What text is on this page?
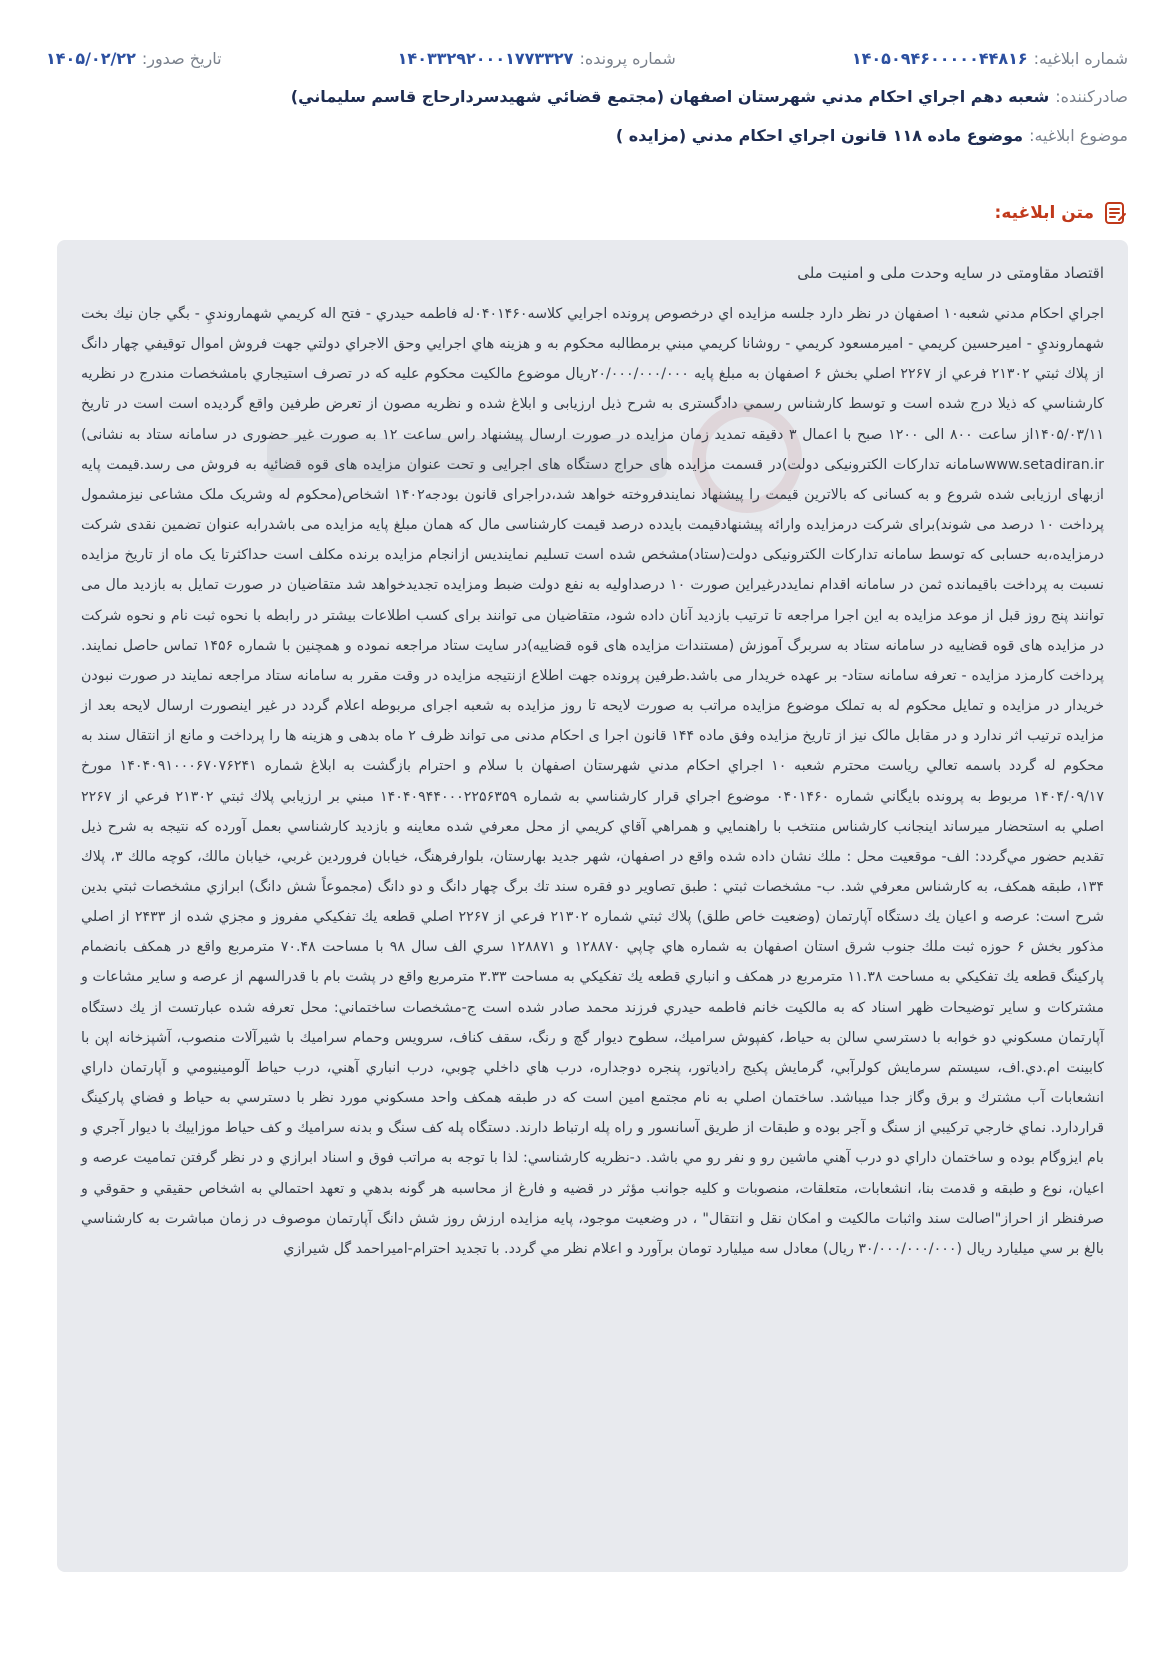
شماره ابلاغیه:
۱۴۰۵۰۹۴۶۰۰۰۰۰۴۴۸۱۶
شماره پرونده:
۱۴۰۳۳۲۹۲۰۰۰۱۷۷۳۳۲۷
تاریخ صدور:
۱۴۰۵/۰۲/۲۲
صادرکننده:
شعبه دهم اجراي احكام مدني شهرستان اصفهان (مجتمع قضائي شهيدسردارحاج قاسم سليماني)
موضوع ابلاغیه:
موضوع ماده ۱۱۸ قانون اجراي احكام مدني (مزايده )
متن ابلاغیه:
اقتصاد مقاومتی در سایه وحدت ملی و امنیت ملی

اجراي احكام مدني شعبه۱۰ اصفهان در نظر دارد جلسه مزايده اي درخصوص پرونده اجرايي كلاسه۰۴۰۱۴۶۰له فاطمه حيدري - فتح اله كريمي شهمارونديِ - بگي جان نيك بخت شهمارونديِ - اميرحسين كريمي - اميرمسعود كريمي - روشانا كريمي مبني برمطالبه محكوم به و هزينه هاي اجرايي وحق الاجراي دولتي جهت فروش اموال توقيفي چهار دانگ از پلاك ثبتي ۲۱۳۰۲ فرعي از ۲۲۶۷ اصلي بخش ۶ اصفهان به مبلغ پايه ۲۰/۰۰۰/۰۰۰/۰۰۰ريال موضوع مالكيت محكوم عليه كه در تصرف استيجاري بامشخصات مندرج در نظريه كارشناسي كه ذيلا درج شده است و توسط كارشناس رسمي دادگستری به شرح ذيل ارزيابی و ابلاغ شده و نظريه مصون از تعرض طرفين واقع گرديده است است در تاريخ ۱۴۰۵/۰۳/۱۱از ساعت ۸۰۰ الی ۱۲۰۰ صبح با اعمال ۳ دقيقه تمديد زمان مزايده در صورت ارسال پيشنهاد راس ساعت ۱۲ به صورت غير حضوری در سامانه ستاد به نشانی) www.setadiran.irسامانه تداركات الكترونيكی دولت)در قسمت مزايده های حراج دستگاه های اجرايی و تحت عنوان مزايده های قوه قضائيه به فروش می رسد.قيمت پايه ازبهای ارزيابی شده شروع و به كسانی كه بالاترين قيمت را پيشنهاد نمايندفروخته خواهد شد،دراجرای قانون بودجه۱۴۰۲ اشخاص(محكوم له وشريک ملک مشاعی نيزمشمول پرداخت ۱۰ درصد می شوند)برای شركت درمزايده وارائه پيشنهادقيمت بايدده درصد قيمت كارشناسی مال كه همان مبلغ پايه مزايده می باشدرابه عنوان تضمين نقدی شركت درمزايده،به حسابی كه توسط سامانه تداركات الكترونيكی دولت(ستاد)مشخص شده است تسليم نماينديس ازانجام مزايده برنده مكلف است حداكثرتا يک ماه از تاريخ مزايده نسبت به پرداخت باقيمانده ثمن در سامانه اقدام نمايددرغيراين صورت ۱۰ درصداوليه به نفع دولت ضبط ومزايده تجديدخواهد شد متقاضيان در صورت تمايل به بازديد مال می توانند پنج روز قبل از موعد مزايده به اين اجرا مراجعه تا ترتيب بازديد آنان داده شود، متقاضيان می توانند برای كسب اطلاعات بيشتر در رابطه با نحوه ثبت نام و نحوه شركت در مزايده های قوه قضاييه در سامانه ستاد به سربرگ آموزش (مستندات مزايده های قوه قضاييه)در سايت ستاد مراجعه نموده و همچنين با شماره ۱۴۵۶ تماس حاصل نمايند. پرداخت كارمزد مزايده - تعرفه سامانه ستاد- بر عهده خريدار می باشد.طرفين پرونده جهت اطلاع ازنتيجه مزايده در وقت مقرر به سامانه ستاد مراجعه نمايند در صورت نبودن خريدار در مزايده و تمايل محكوم له به تملک موضوع مزايده مراتب به صورت لايحه تا روز مزايده به شعبه اجرای مربوطه اعلام گردد در غير اينصورت ارسال لايحه بعد از مزايده ترتيب اثر ندارد و در مقابل مالک نيز از تاريخ مزايده وفق ماده ۱۴۴ قانون اجرا ی احكام مدنی می تواند ظرف ۲ ماه بدهی و هزينه ها را پرداخت و مانع از انتقال سند به محكوم له گردد باسمه تعالي رياست محترم شعبه ۱۰ اجراي احكام مدني شهرستان اصفهان با سلام و احترام بازگشت به ابلاغ شماره ۱۴۰۴۰۹۱۰۰۰۶۷۰۷۶۲۴۱ مورخ ۱۴۰۴/۰۹/۱۷ مربوط به پرونده بايگاني شماره ۰۴۰۱۴۶۰ موضوع اجراي قرار كارشناسي به شماره ۱۴۰۴۰۹۴۴۰۰۰۲۲۵۶۳۵۹ مبني بر ارزيابي پلاك ثبتي ۲۱۳۰۲ فرعي از ۲۲۶۷ اصلي به استحضار ميرساند اينجانب كارشناس منتخب با راهنمايي و همراهي آقاي كريمي از محل معرفي شده معاينه و بازديد كارشناسي بعمل آورده كه نتيجه به شرح ذيل تقديم حضور مي‌گردد: الف- موقعيت محل : ملك نشان داده شده واقع در اصفهان، شهر جديد بهارستان، بلوارفرهنگ، خيابان فروردين غربي، خيابان مالك، كوچه مالك ۳، پلاك ۱۳۴، طبقه همكف، به كارشناس معرفي شد. ب- مشخصات ثبتي : طبق تصاوير دو فقره سند تك برگ چهار دانگ و دو دانگ (مجموعاً شش دانگ) ابرازي مشخصات ثبتي بدين شرح است: عرصه و اعيان يك دستگاه آپارتمان (وضعيت خاص طلق) پلاك ثبتي شماره ۲۱۳۰۲ فرعي از ۲۲۶۷ اصلي قطعه يك تفكيكي مفروز و مجزي شده از ۲۴۳۳ از اصلي مذكور بخش ۶ حوزه ثبت ملك جنوب شرق استان اصفهان به شماره هاي چاپي ۱۲۸۸۷۰ و ۱۲۸۸۷۱ سري الف سال ۹۸ با مساحت ۷۰.۴۸ مترمربع واقع در همكف بانضمام پاركينگ قطعه يك تفكيكي به مساحت ۱۱.۳۸ مترمربع در همكف و انباري قطعه يك تفكيكي به مساحت ۳.۳۳ مترمربع واقع در پشت بام با قدرالسهم از عرصه و ساير مشاعات و مشتركات و ساير توضيحات ظهر اسناد كه به مالكيت خانم فاطمه حيدري فرزند محمد صادر شده است ج-مشخصات ساختماني: محل تعرفه شده عبارتست از يك دستگاه آپارتمان مسكوني دو خوابه با دسترسي سالن به حياط، كفپوش سراميك، سطوح ديوار گچ و رنگ، سقف كناف، سرويس وحمام سراميك با شيرآلات منصوب، آشپزخانه اپن با كابينت ام.دي.اف، سيستم سرمايش كولرآبي، گرمايش پكيج رادياتور، پنجره دوجداره، درب هاي داخلي چوبي، درب انباري آهني، درب حياط آلومينيومي و آپارتمان داراي انشعابات آب مشترك و برق وگاز جدا ميباشد. ساختمان اصلي به نام مجتمع امين است كه در طبقه همكف واحد مسكوني مورد نظر با دسترسي به حياط و فضاي پاركينگ قراردارد. نماي خارجي تركيبي از سنگ و آجر بوده و طبقات از طريق آسانسور و راه پله ارتباط دارند. دستگاه پله كف سنگ و بدنه سراميك و كف حياط موزاييك با ديوار آجري و بام ايزوگام بوده و ساختمان داراي دو درب آهني ماشين رو و نفر رو مي باشد. د-نظريه كارشناسي: لذا با توجه به مراتب فوق و اسناد ابرازي و در نظر گرفتن تماميت عرصه و اعيان، نوع و طبقه و قدمت بنا، انشعابات، متعلقات، منصوبات و كليه جوانب مؤثر در قضيه و فارغ از محاسبه هر گونه بدهي و تعهد احتمالي به اشخاص حقيقي و حقوقي و صرفنظر از احراز"اصالت سند واثبات مالكيت و امكان نقل و انتقال" ، در وضعيت موجود، پايه مزايده ارزش روز شش دانگ آپارتمان موصوف در زمان مباشرت به كارشناسي بالغ بر سي ميليارد ريال (۳۰/۰۰۰/۰۰۰/۰۰۰ ريال) معادل سه ميليارد تومان برآورد و اعلام نظر مي گردد. با تجديد احترام-اميراحمد گل شيرازي
